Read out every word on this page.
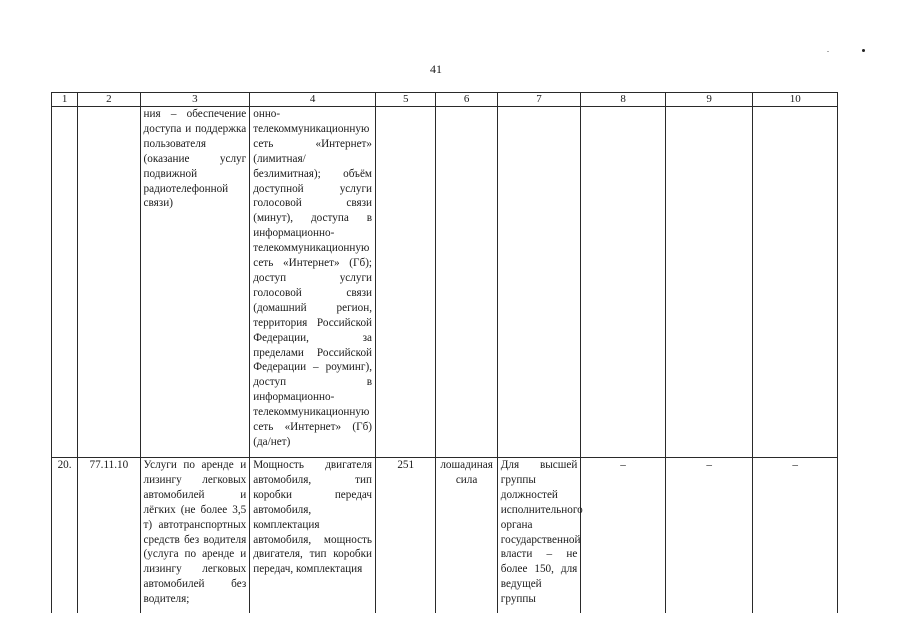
41
1	2	3	4	5	6	7	8	9	10
		ния – обеспечение доступа и поддержка пользователя (оказание услуг подвижной радиотелефонной связи)	онно-телекоммуникационную сеть «Интернет» (лимитная/безлимитная); объём доступной услуги голосовой связи (минут), доступа в информационно-телекоммуникационную сеть «Интернет» (Гб); доступ услуги голосовой связи (домашний регион, территория Российской Федерации, за пределами Российской Федерации – роуминг), доступ в информационно-телекоммуникационную сеть «Интернет» (Гб) (да/нет)						
20.	77.11.10	Услуги по аренде и лизингу легковых автомобилей и лёгких (не более 3,5 т) автотранспортных средств без водителя (услуга по аренде и лизингу легковых автомобилей без водителя;	Мощность двигателя автомобиля, тип коробки передач автомобиля, комплектация автомобиля, мощность двигателя, тип коробки передач, комплектация	251	лошадиная сила	Для высшей группы должностей исполнительного органа государственной власти – не более 150, для ведущей группы	–	–	–
